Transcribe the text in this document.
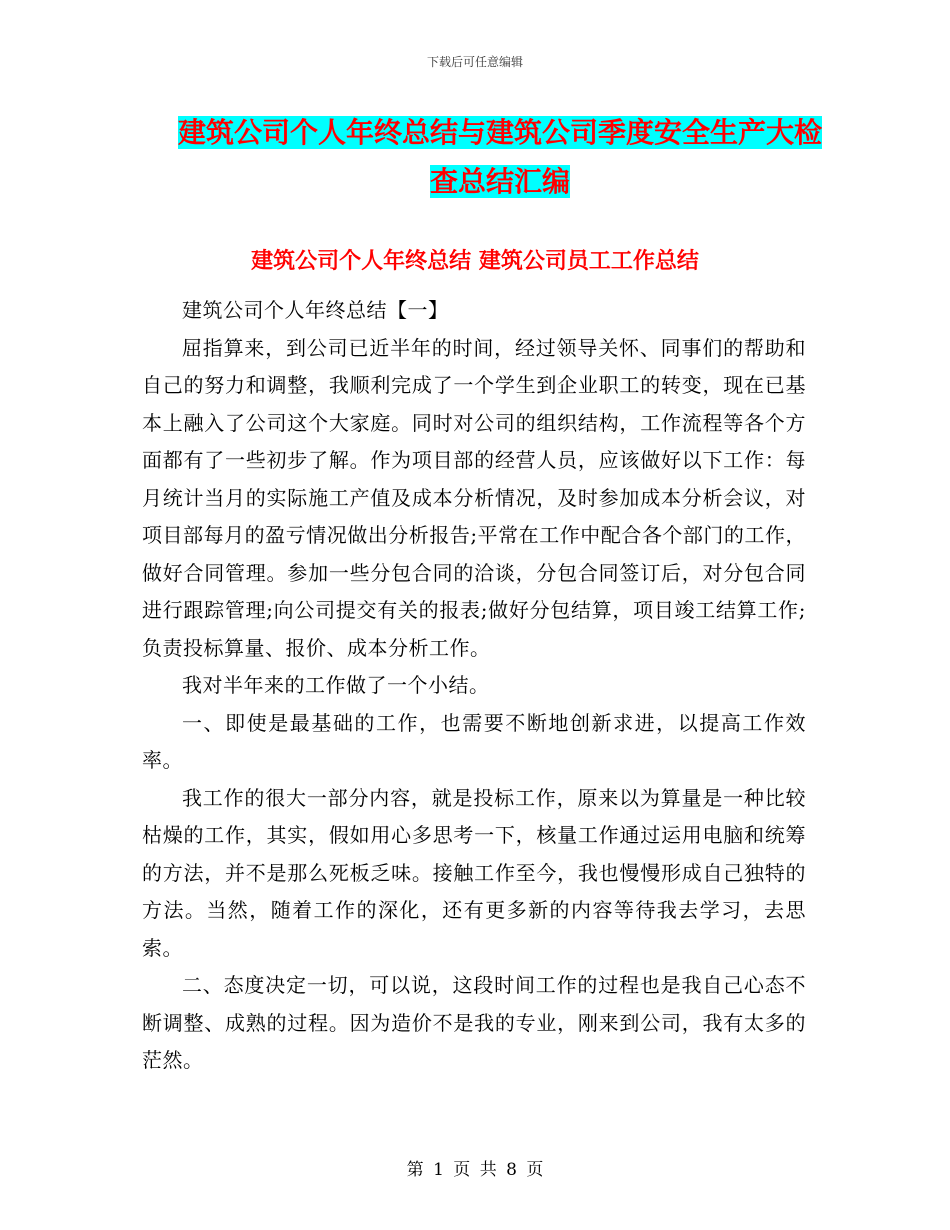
下载后可任意编辑
建筑公司个人年终总结与建筑公司季度安全生产大检
查总结汇编
建筑公司个人年终总结 建筑公司员工工作总结

建筑公司个人年终总结【一】

屈指算来，到公司已近半年的时间，经过领导关怀、同事们的帮助和自己的努力和调整，我顺利完成了一个学生到企业职工的转变，现在已基本上融入了公司这个大家庭。同时对公司的组织结构，工作流程等各个方面都有了一些初步了解。作为项目部的经营人员，应该做好以下工作：每月统计当月的实际施工产值及成本分析情况，及时参加成本分析会议，对项目部每月的盈亏情况做出分析报告;平常在工作中配合各个部门的工作，做好合同管理。参加一些分包合同的洽谈，分包合同签订后，对分包合同进行跟踪管理;向公司提交有关的报表;做好分包结算，项目竣工结算工作;负责投标算量、报价、成本分析工作。

我对半年来的工作做了一个小结。

一、即使是最基础的工作，也需要不断地创新求进，以提高工作效率。

我工作的很大一部分内容，就是投标工作，原来以为算量是一种比较枯燥的工作，其实，假如用心多思考一下，核量工作通过运用电脑和统筹的方法，并不是那么死板乏味。接触工作至今，我也慢慢形成自己独特的方法。当然，随着工作的深化，还有更多新的内容等待我去学习，去思索。

二、态度决定一切，可以说，这段时间工作的过程也是我自己心态不断调整、成熟的过程。因为造价不是我的专业，刚来到公司，我有太多的茫然。

第 1 页 共 8 页
